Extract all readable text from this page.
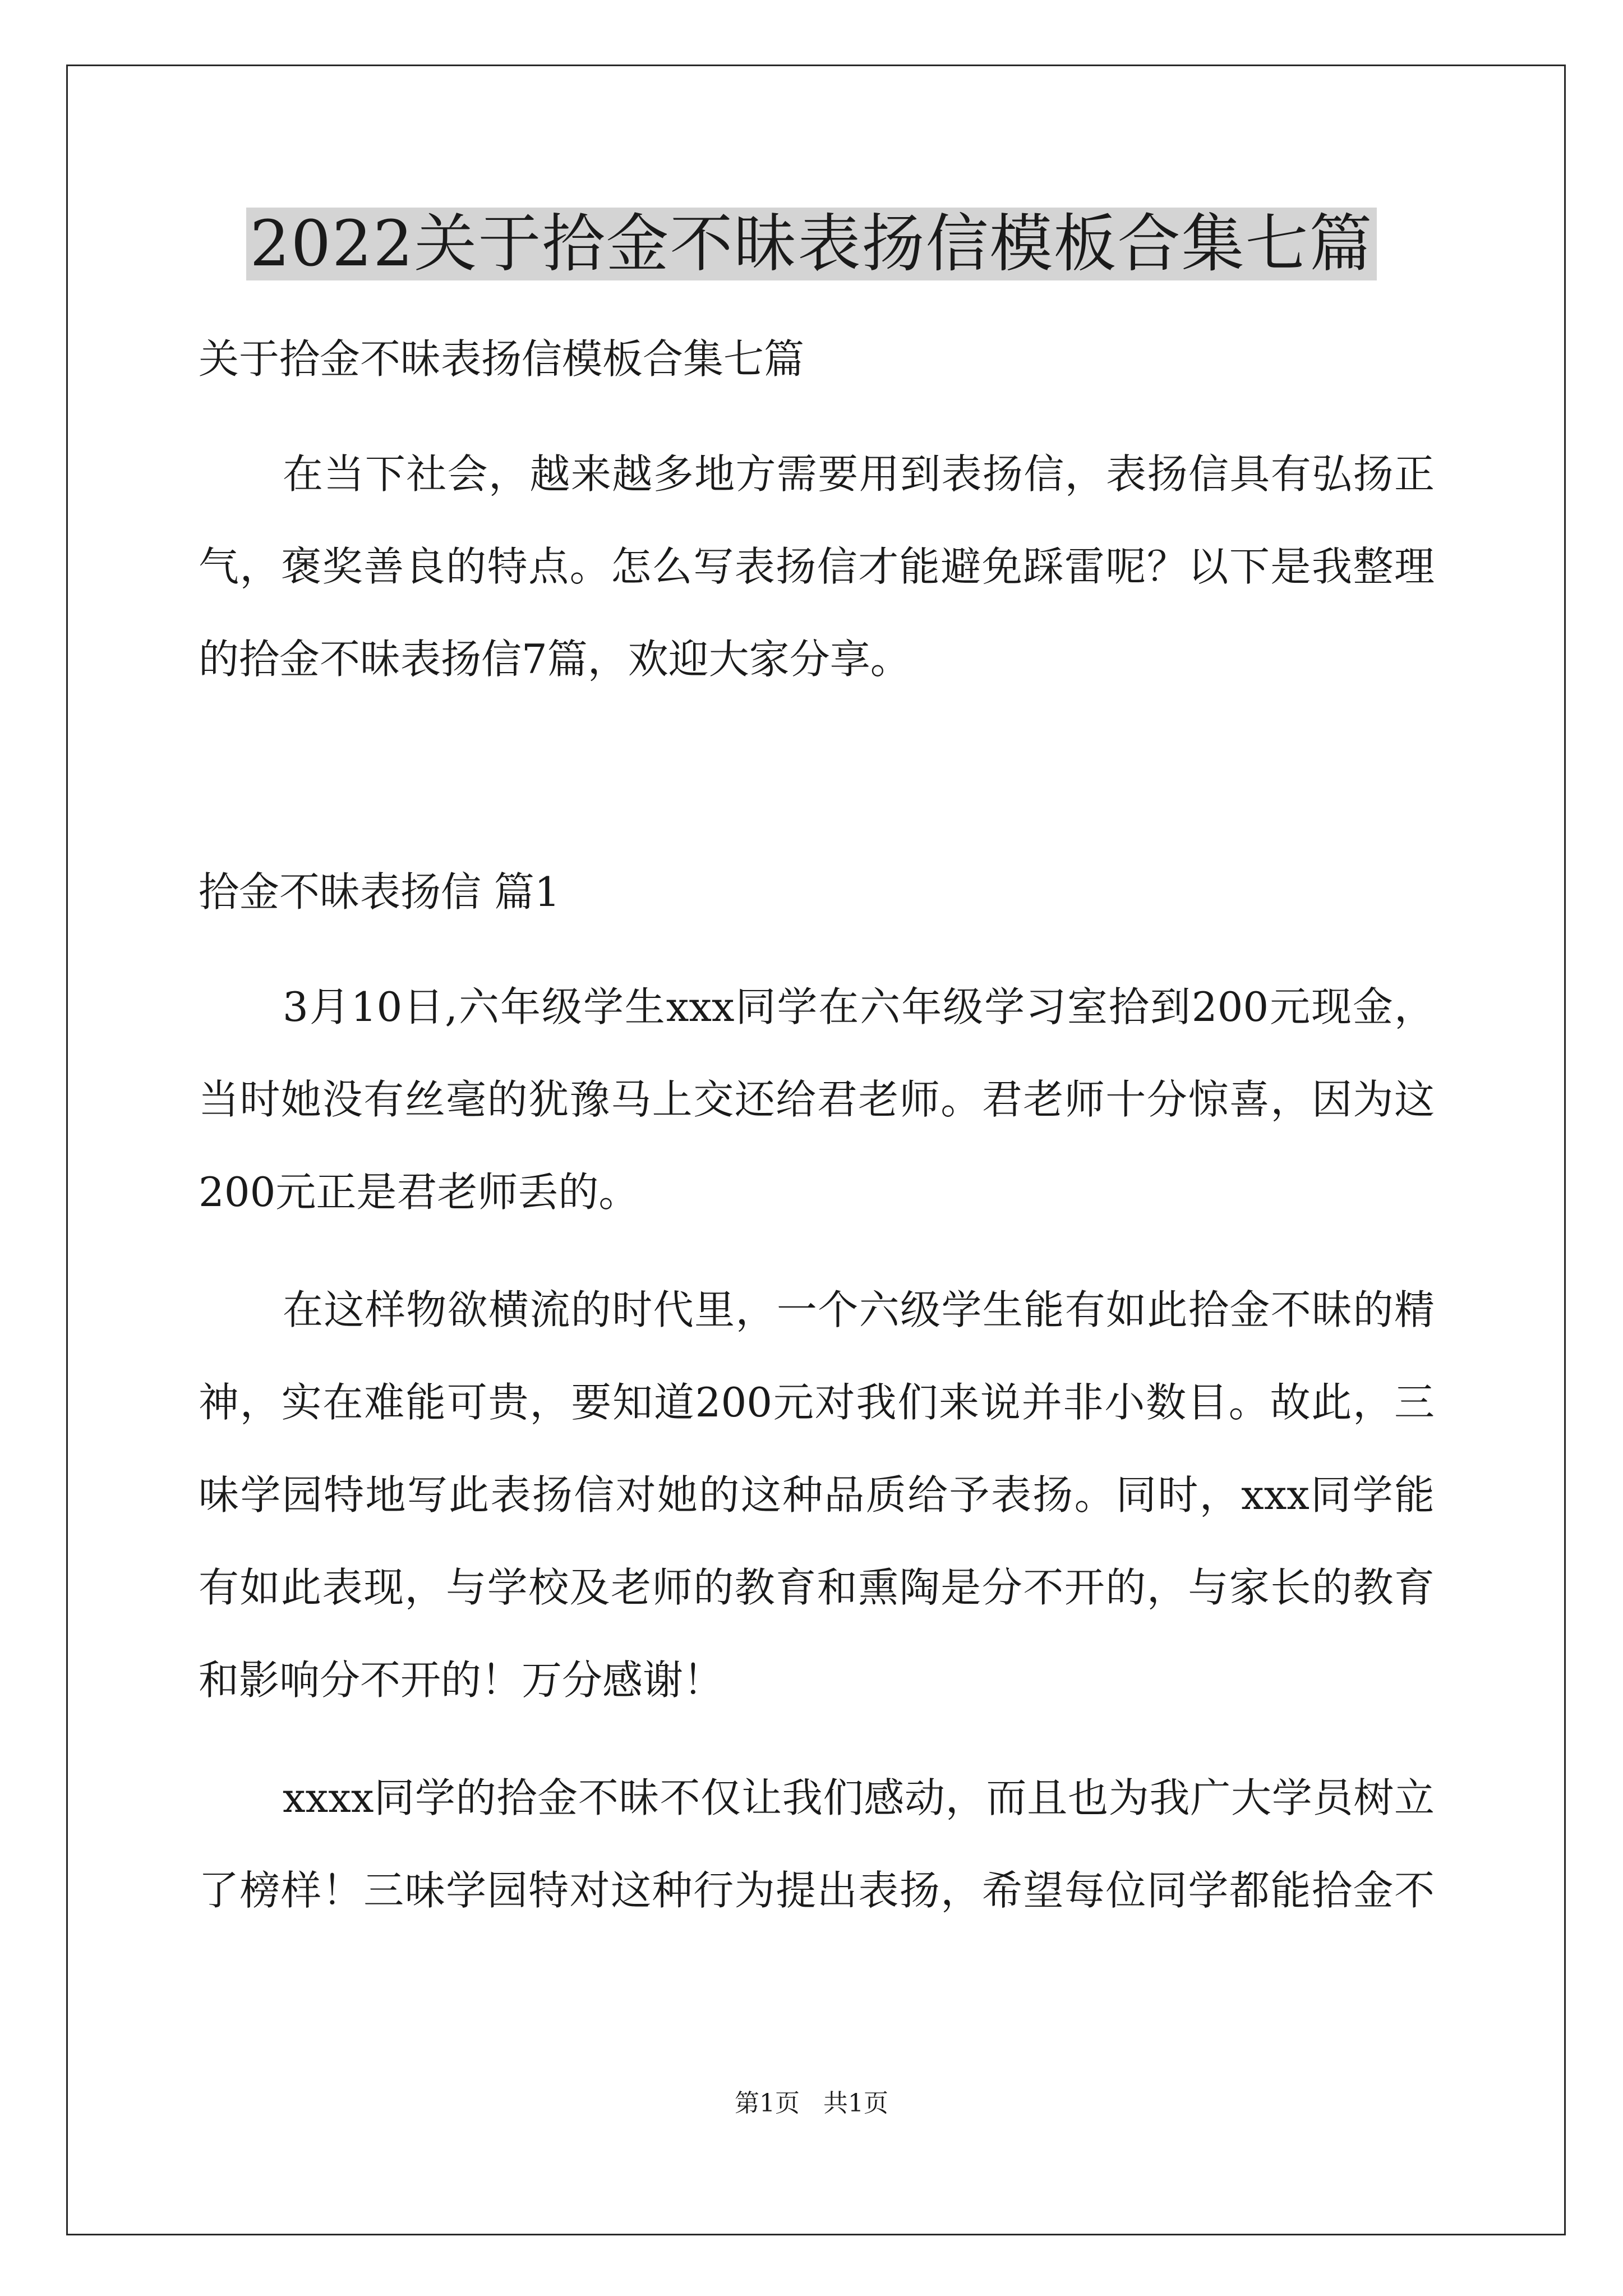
2022关于拾金不昧表扬信模板合集七篇
关于拾金不昧表扬信模板合集七篇
在当下社会，越来越多地方需要用到表扬信，表扬信具有弘扬正
气，褒奖善良的特点。怎么写表扬信才能避免踩雷呢？以下是我整理
的拾金不昧表扬信7篇，欢迎大家分享。
拾金不昧表扬信 篇1
3月10日,六年级学生xxx同学在六年级学习室拾到200元现金，
当时她没有丝毫的犹豫马上交还给君老师。君老师十分惊喜，因为这
200元正是君老师丢的。
在这样物欲横流的时代里，一个六级学生能有如此拾金不昧的精
神，实在难能可贵，要知道200元对我们来说并非小数目。故此，三
味学园特地写此表扬信对她的这种品质给予表扬。同时，xxx同学能
有如此表现，与学校及老师的教育和熏陶是分不开的，与家长的教育
和影响分不开的！万分感谢！
xxxx同学的拾金不昧不仅让我们感动，而且也为我广大学员树立
了榜样！三味学园特对这种行为提出表扬，希望每位同学都能拾金不
第1页 共1页
